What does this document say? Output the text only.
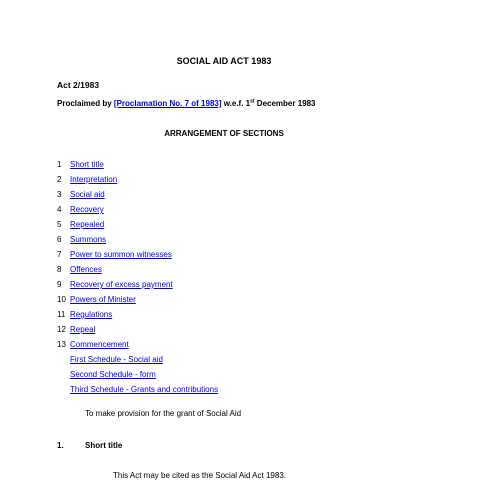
SOCIAL AID ACT 1983
Act 2/1983
Proclaimed by [Proclamation No. 7 of 1983] w.e.f. 1st December 1983
ARRANGEMENT OF SECTIONS
1	Short title
2	Interpretation
3	Social aid
4	Recovery
5	Repealed
6	Summons
7	Power to summon witnesses
8	Offences
9	Recovery of excess payment
10 Powers of Minister
11 Regulations
12 Repeal
13 Commencement
First Schedule - Social aid
Second Schedule - form
Third Schedule - Grants and contributions
To make provision for the grant of Social Aid
1.	Short title
This Act may be cited as the Social Aid Act 1983.
